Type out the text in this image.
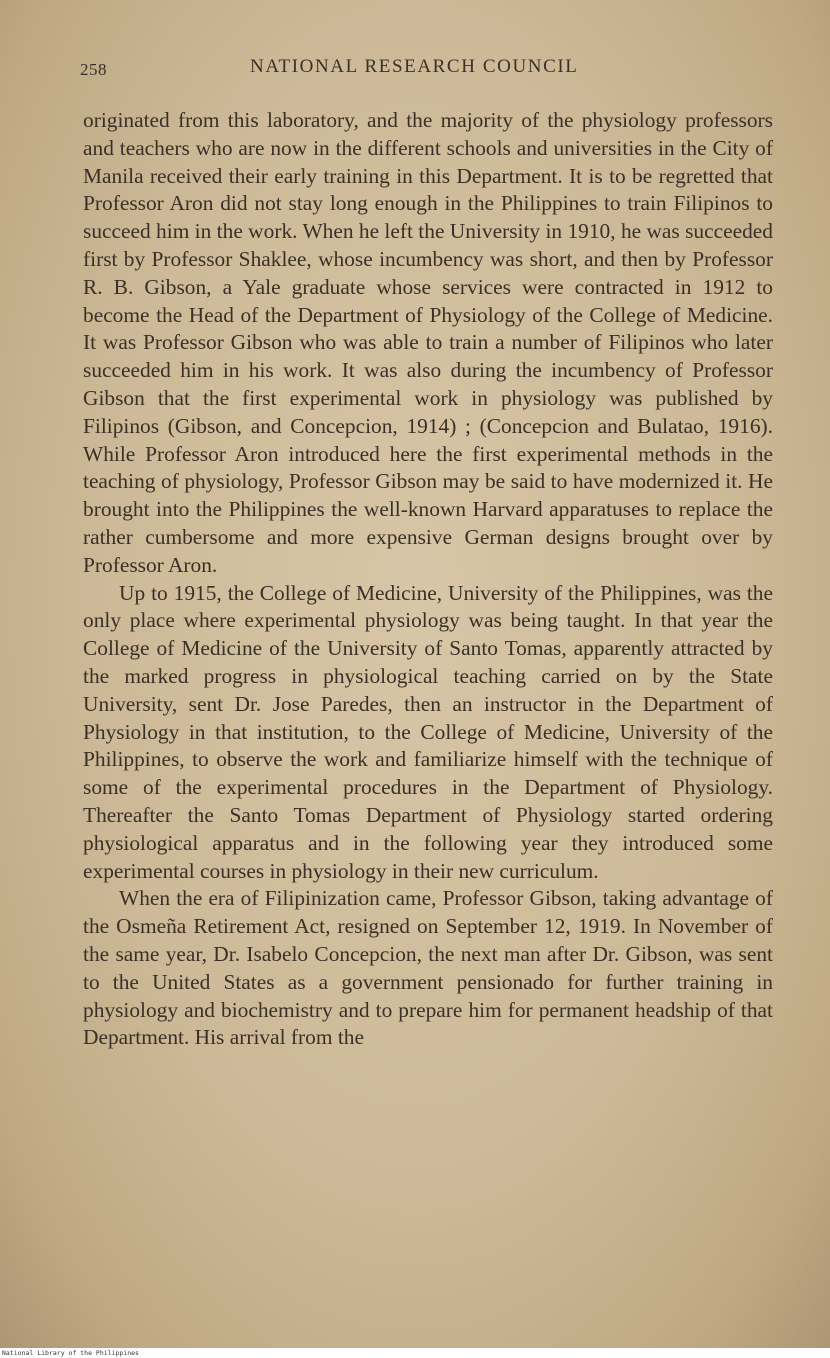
258	NATIONAL RESEARCH COUNCIL

originated from this laboratory, and the majority of the physiology professors and teachers who are now in the different schools and universities in the City of Manila received their early training in this Department. It is to be regretted that Professor Aron did not stay long enough in the Philippines to train Filipinos to succeed him in the work. When he left the University in 1910, he was succeeded first by Professor Shaklee, whose incumbency was short, and then by Professor R. B. Gibson, a Yale graduate whose services were contracted in 1912 to become the Head of the Department of Physiology of the College of Medicine. It was Professor Gibson who was able to train a number of Filipinos who later succeeded him in his work. It was also during the incumbency of Professor Gibson that the first experimental work in physiology was published by Filipinos (Gibson, and Concepcion, 1914) ; (Concepcion and Bulatao, 1916). While Professor Aron introduced here the first experimental methods in the teaching of physiology, Professor Gibson may be said to have modernized it. He brought into the Philippines the well-known Harvard apparatuses to replace the rather cumbersome and more expensive German designs brought over by Professor Aron.

Up to 1915, the College of Medicine, University of the Philippines, was the only place where experimental physiology was being taught. In that year the College of Medicine of the University of Santo Tomas, apparently attracted by the marked progress in physiological teaching carried on by the State University, sent Dr. Jose Paredes, then an instructor in the Department of Physiology in that institution, to the College of Medicine, University of the Philippines, to observe the work and familiarize himself with the technique of some of the experimental procedures in the Department of Physiology. Thereafter the Santo Tomas Department of Physiology started ordering physiological apparatus and in the following year they introduced some experimental courses in physiology in their new curriculum.

When the era of Filipinization came, Professor Gibson, taking advantage of the Osmeña Retirement Act, resigned on September 12, 1919. In November of the same year, Dr. Isabelo Concepcion, the next man after Dr. Gibson, was sent to the United States as a government pensionado for further training in physiology and biochemistry and to prepare him for permanent headship of that Department. His arrival from the

National Library of the Philippines
